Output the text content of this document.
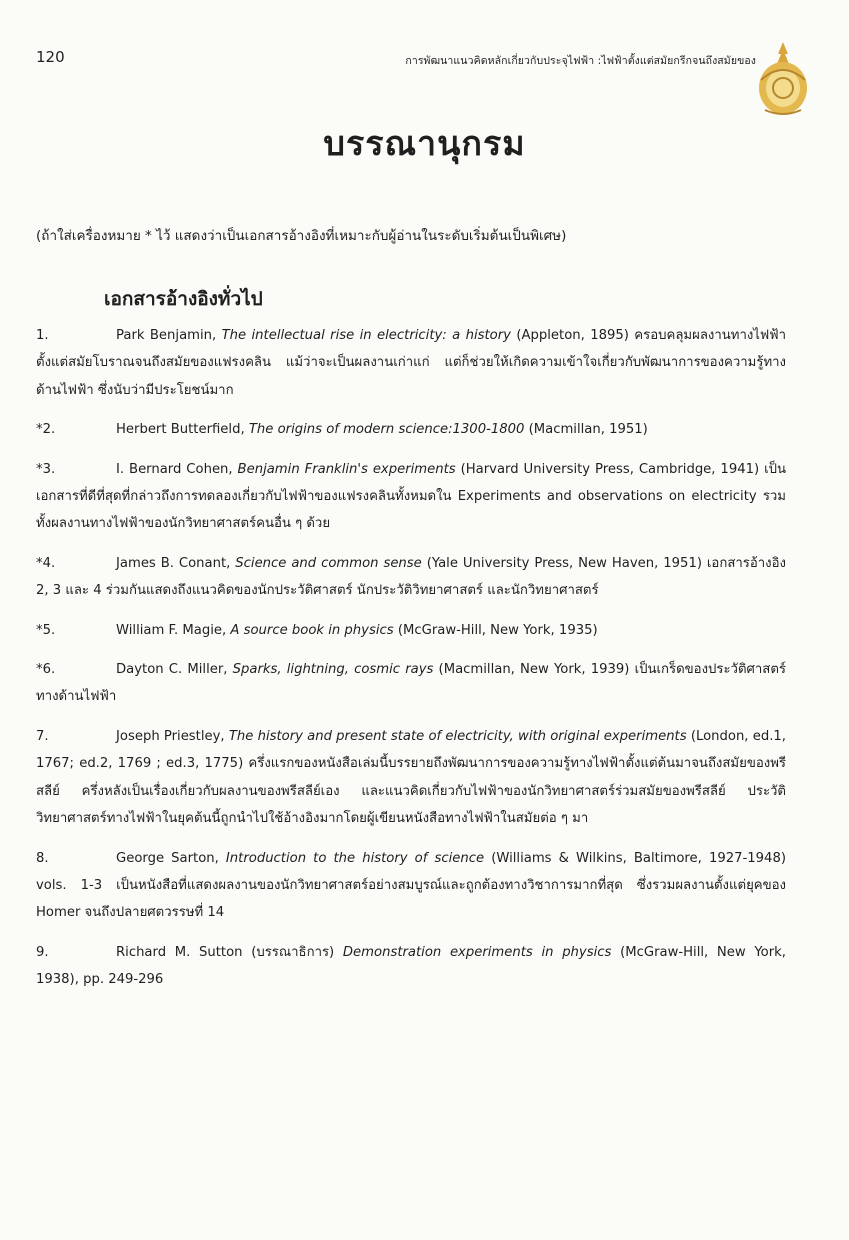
120	การพัฒนาแนวคิดหลักเกี่ยวกับประจุไฟฟ้า :ไฟฟ้าตั้งแต่สมัยกรีกจนถึงสมัยของ
บรรณานุกรม
(ถ้าใส่เครื่องหมาย * ไว้ แสดงว่าเป็นเอกสารอ้างอิงที่เหมาะกับผู้อ่านในระดับเริ่มต้นเป็นพิเศษ)
เอกสารอ้างอิงทั่วไป
1.	Park Benjamin, The intellectual rise in electricity: a history (Appleton, 1895) ครอบคลุมผลงานทางไฟฟ้าตั้งแต่สมัยโบราณจนถึงสมัยของแฟรงคลิน แม้ว่าจะเป็นผลงานเก่าแก่ แต่ก็ช่วยให้เกิดความเข้าใจเกี่ยวกับพัฒนาการของความรู้ทางด้านไฟฟ้า ซึ่งนับว่ามีประโยชน์มาก
*2.	Herbert Butterfield, The origins of modern science:1300-1800 (Macmillan, 1951)
*3.	I. Bernard Cohen, Benjamin Franklin's experiments (Harvard University Press, Cambridge, 1941) เป็นเอกสารที่ดีที่สุดที่กล่าวถึงการทดลองเกี่ยวกับไฟฟ้าของแฟรงคลินทั้งหมดใน Experiments and observations on electricity รวมทั้งผลงานทางไฟฟ้าของนักวิทยาศาสตร์คนอื่น ๆ ด้วย
*4.	James B. Conant, Science and common sense (Yale University Press, New Haven, 1951) เอกสารอ้างอิง 2, 3 และ 4 ร่วมกันแสดงถึงแนวคิดของนักประวัติศาสตร์ นักประวัติวิทยาศาสตร์ และนักวิทยาศาสตร์
*5.	William F. Magie, A source book in physics (McGraw-Hill, New York, 1935)
*6.	Dayton C. Miller, Sparks, lightning, cosmic rays (Macmillan, New York, 1939) เป็นเกร็ดของประวัติศาสตร์ทางด้านไฟฟ้า
7.	Joseph Priestley, The history and present state of electricity, with original experiments (London, ed.1, 1767; ed.2, 1769 ; ed.3, 1775) ครึ่งแรกของหนังสือเล่มนี้บรรยายถึงพัฒนาการของความรู้ทางไฟฟ้าตั้งแต่ต้นมาจนถึงสมัยของพรีสลีย์ ครึ่งหลังเป็นเรื่องเกี่ยวกับผลงานของพรีสลีย์เอง และแนวคิดเกี่ยวกับไฟฟ้าของนักวิทยาศาสตร์ร่วมสมัยของพรีสลีย์ ประวัติวิทยาศาสตร์ทางไฟฟ้าในยุคต้นนี้ถูกนำไปใช้อ้างอิงมากโดยผู้เขียนหนังสือทางไฟฟ้าในสมัยต่อ ๆ มา
8.	George Sarton, Introduction to the history of science (Williams & Wilkins, Baltimore, 1927-1948) vols. 1-3 เป็นหนังสือที่แสดงผลงานของนักวิทยาศาสตร์อย่างสมบูรณ์และถูกต้องทางวิชาการมากที่สุด ซึ่งรวมผลงานตั้งแต่ยุคของ Homer จนถึงปลายศตวรรษที่ 14
9.	Richard M. Sutton (บรรณาธิการ) Demonstration experiments in physics (McGraw-Hill, New York, 1938), pp. 249-296
